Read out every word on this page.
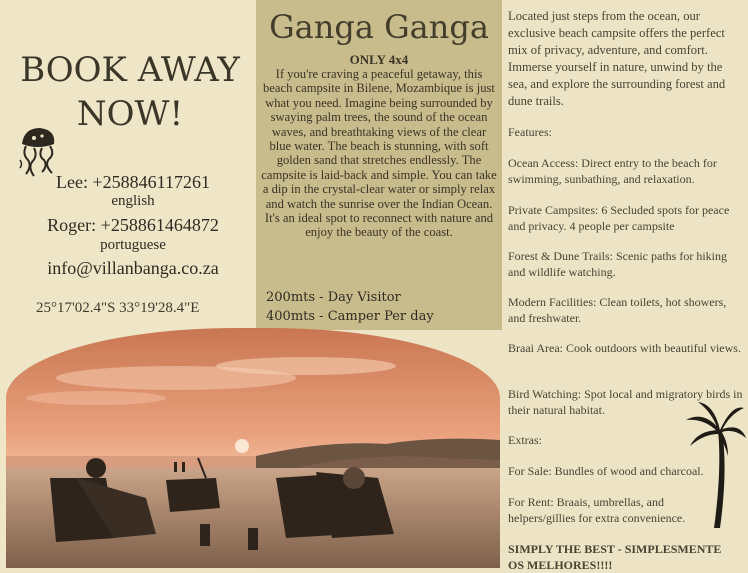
BOOK AWAY
NOW!
Lee: +258846117261
english
Roger: +258861464872
portuguese
info@villanbanga.co.za
25°17'02.4"S 33°19'28.4"E
Ganga Ganga
ONLY 4x4
If you're craving a peaceful getaway, this beach campsite in Bilene, Mozambique is just what you need. Imagine being surrounded by swaying palm trees, the sound of the ocean waves, and breathtaking views of the clear blue water. The beach is stunning, with soft golden sand that stretches endlessly. The campsite is laid-back and simple. You can take a dip in the crystal-clear water or simply relax and watch the sunrise over the Indian Ocean. It's an ideal spot to reconnect with nature and enjoy the beauty of the coast.
200mts - Day Visitor
400mts - Camper Per day

Located just steps from the ocean, our exclusive beach campsite offers the perfect mix of privacy, adventure, and comfort. Immerse yourself in nature, unwind by the sea, and explore the surrounding forest and dune trails.

Features:

Ocean Access: Direct entry to the beach for swimming, sunbathing, and relaxation.

Private Campsites: 6 Secluded spots for peace and privacy. 4 people per campsite

Forest & Dune Trails: Scenic paths for hiking and wildlife watching.

Modern Facilities: Clean toilets, hot showers, and freshwater.

Braai Area: Cook outdoors with beautiful views.

Bird Watching: Spot local and migratory birds in their natural habitat.

Extras:

For Sale: Bundles of wood and charcoal.

For Rent: Braais, umbrellas, and helpers/gillies for extra convenience.

SIMPLY THE BEST - SIMPLESMENTE OS MELHORES!!!!
